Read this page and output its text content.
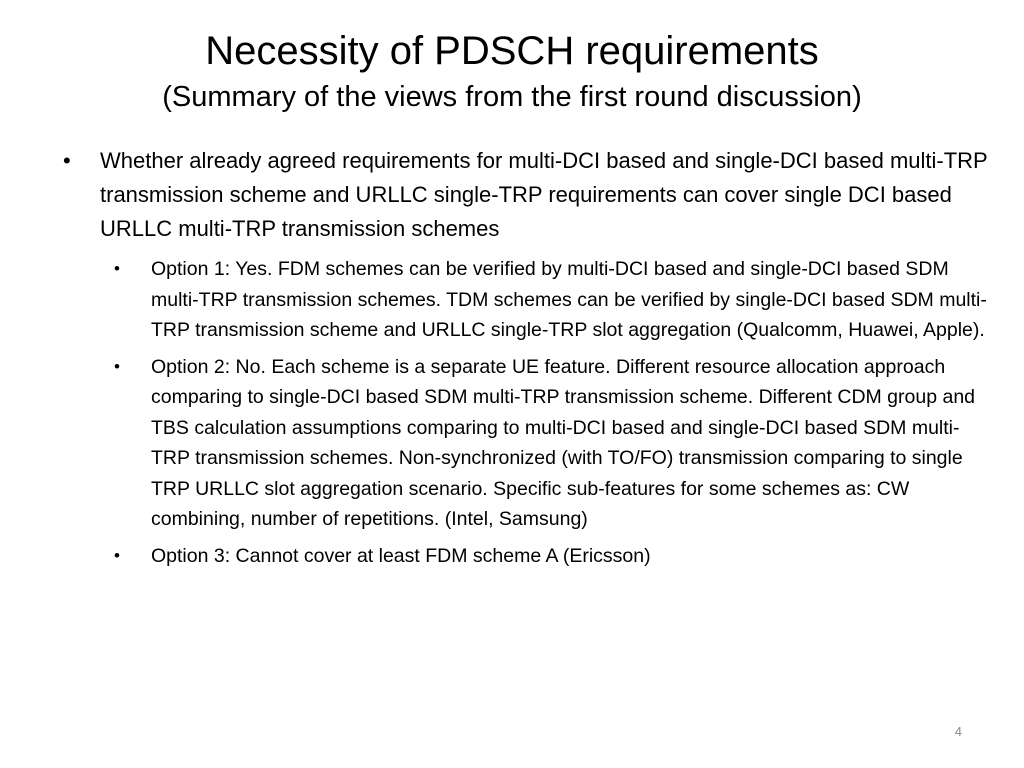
Necessity of PDSCH requirements
(Summary of the views from the first round discussion)
•	Whether already agreed requirements for multi-DCI based and single-DCI based multi-TRP transmission scheme and URLLC single-TRP requirements can cover single DCI based URLLC multi-TRP transmission schemes
• Option 1: Yes. FDM schemes can be verified by multi-DCI based and single-DCI based SDM multi-TRP transmission schemes. TDM schemes can be verified by single-DCI based SDM multi-TRP transmission scheme and URLLC single-TRP slot aggregation (Qualcomm, Huawei, Apple).
• Option 2: No. Each scheme is a separate UE feature. Different resource allocation approach comparing to single-DCI based SDM multi-TRP transmission scheme. Different CDM group and TBS calculation assumptions comparing to multi-DCI based and single-DCI based SDM multi-TRP transmission schemes. Non-synchronized (with TO/FO) transmission comparing to single TRP URLLC slot aggregation scenario. Specific sub-features for some schemes as: CW combining, number of repetitions. (Intel, Samsung)
• Option 3: Cannot cover at least FDM scheme A (Ericsson)
4
